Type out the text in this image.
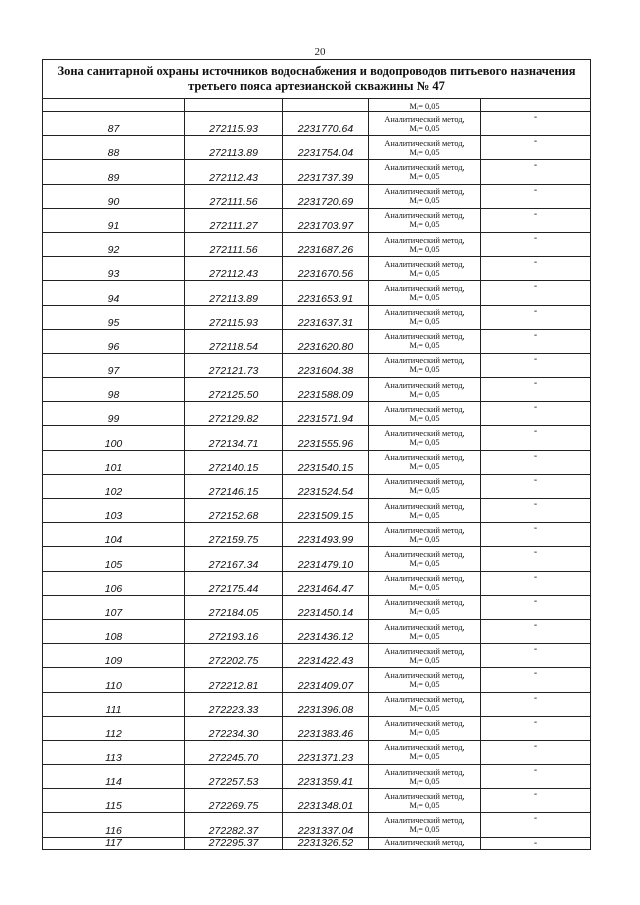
20
Зона санитарной охраны источников водоснабжения и водопроводов питьевого назначения
третьего пояса артезианской скважины № 47				
			Mᵢ= 0,05	
87	272115.93	2231770.64	Аналитический метод,
Mᵢ= 0,05	-
88	272113.89	2231754.04	Аналитический метод,
Mᵢ= 0,05	-
89	272112.43	2231737.39	Аналитический метод,
Mᵢ= 0,05	-
90	272111.56	2231720.69	Аналитический метод,
Mᵢ= 0,05	-
91	272111.27	2231703.97	Аналитический метод,
Mᵢ= 0,05	-
92	272111.56	2231687.26	Аналитический метод,
Mᵢ= 0,05	-
93	272112.43	2231670.56	Аналитический метод,
Mᵢ= 0,05	-
94	272113.89	2231653.91	Аналитический метод,
Mᵢ= 0,05	-
95	272115.93	2231637.31	Аналитический метод,
Mᵢ= 0,05	-
96	272118.54	2231620.80	Аналитический метод,
Mᵢ= 0,05	-
97	272121.73	2231604.38	Аналитический метод,
Mᵢ= 0,05	-
98	272125.50	2231588.09	Аналитический метод,
Mᵢ= 0,05	-
99	272129.82	2231571.94	Аналитический метод,
Mᵢ= 0,05	-
100	272134.71	2231555.96	Аналитический метод,
Mᵢ= 0,05	-
101	272140.15	2231540.15	Аналитический метод,
Mᵢ= 0,05	-
102	272146.15	2231524.54	Аналитический метод,
Mᵢ= 0,05	-
103	272152.68	2231509.15	Аналитический метод,
Mᵢ= 0,05	-
104	272159.75	2231493.99	Аналитический метод,
Mᵢ= 0,05	-
105	272167.34	2231479.10	Аналитический метод,
Mᵢ= 0,05	-
106	272175.44	2231464.47	Аналитический метод,
Mᵢ= 0,05	-
107	272184.05	2231450.14	Аналитический метод,
Mᵢ= 0,05	-
108	272193.16	2231436.12	Аналитический метод,
Mᵢ= 0,05	-
109	272202.75	2231422.43	Аналитический метод,
Mᵢ= 0,05	-
110	272212.81	2231409.07	Аналитический метод,
Mᵢ= 0,05	-
111	272223.33	2231396.08	Аналитический метод,
Mᵢ= 0,05	-
112	272234.30	2231383.46	Аналитический метод,
Mᵢ= 0,05	-
113	272245.70	2231371.23	Аналитический метод,
Mᵢ= 0,05	-
114	272257.53	2231359.41	Аналитический метод,
Mᵢ= 0,05	-
115	272269.75	2231348.01	Аналитический метод,
Mᵢ= 0,05	-
116	272282.37	2231337.04	Аналитический метод,
Mᵢ= 0,05	-
117	272295.37	2231326.52	Аналитический метод,	-
